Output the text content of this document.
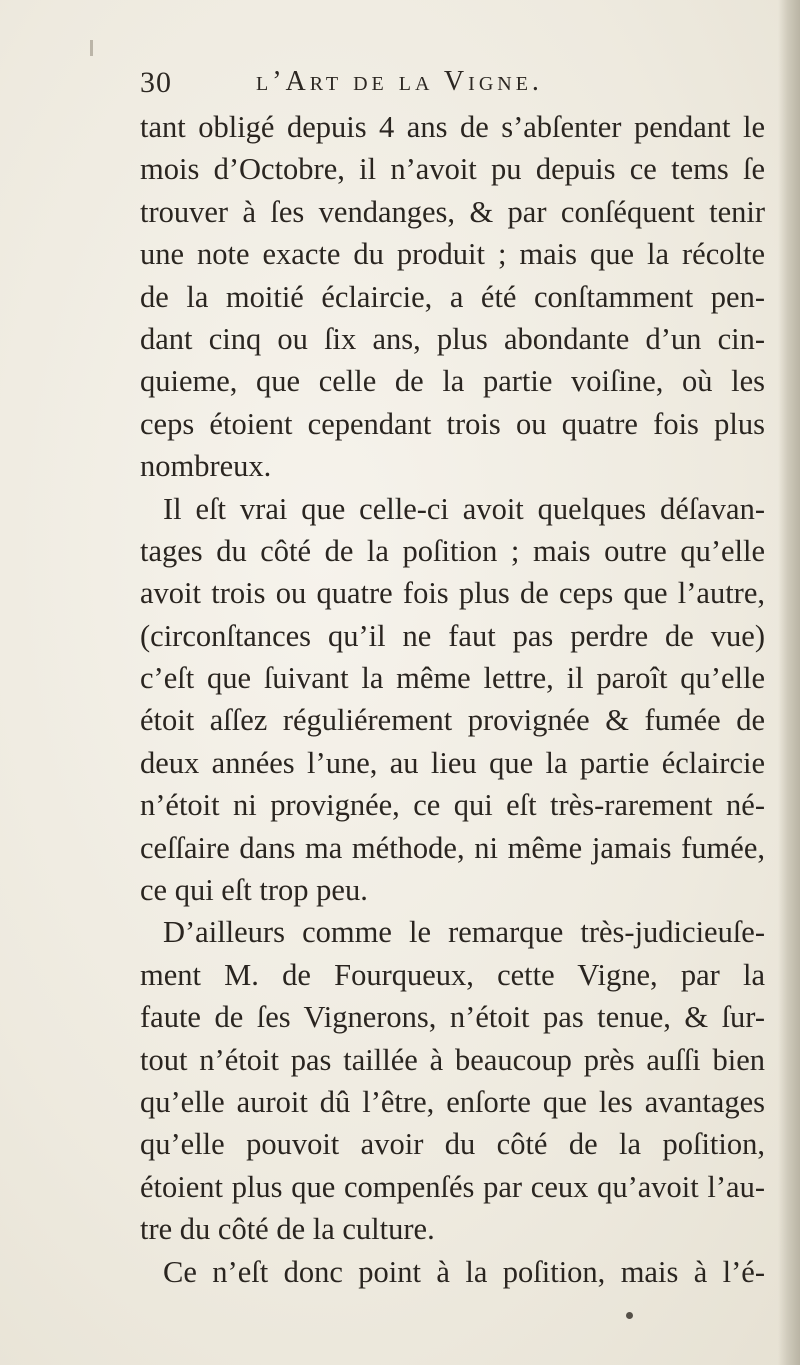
30	l’Art de la Vigne.
tant obligé depuis 4 ans de s’abſenter pendant le
mois d’Octobre, il n’avoit pu depuis ce tems ſe
trouver à ſes vendanges, & par conſéquent tenir
une note exacte du produit ; mais que la récolte
de la moitié éclaircie, a été conſtamment pen-
dant cinq ou ſix ans, plus abondante d’un cin-
quieme, que celle de la partie voiſine, où les
ceps étoient cependant trois ou quatre fois plus
nombreux.
Il eſt vrai que celle-ci avoit quelques déſavan-
tages du côté de la poſition ; mais outre qu’elle
avoit trois ou quatre fois plus de ceps que l’autre,
(circonſtances qu’il ne faut pas perdre de vue)
c’eſt que ſuivant la même lettre, il paroît qu’elle
étoit aſſez réguliérement provignée & fumée de
deux années l’une, au lieu que la partie éclaircie
n’étoit ni provignée, ce qui eſt très-rarement né-
ceſſaire dans ma méthode, ni même jamais fumée,
ce qui eſt trop peu.
D’ailleurs comme le remarque très-judicieuſe-
ment M. de Fourqueux, cette Vigne, par la
faute de ſes Vignerons, n’étoit pas tenue, & ſur-
tout n’étoit pas taillée à beaucoup près auſſi bien
qu’elle auroit dû l’être, enſorte que les avantages
qu’elle pouvoit avoir du côté de la poſition,
étoient plus que compenſés par ceux qu’avoit l’au-
tre du côté de la culture.
Ce n’eſt donc point à la poſition, mais à l’é-
